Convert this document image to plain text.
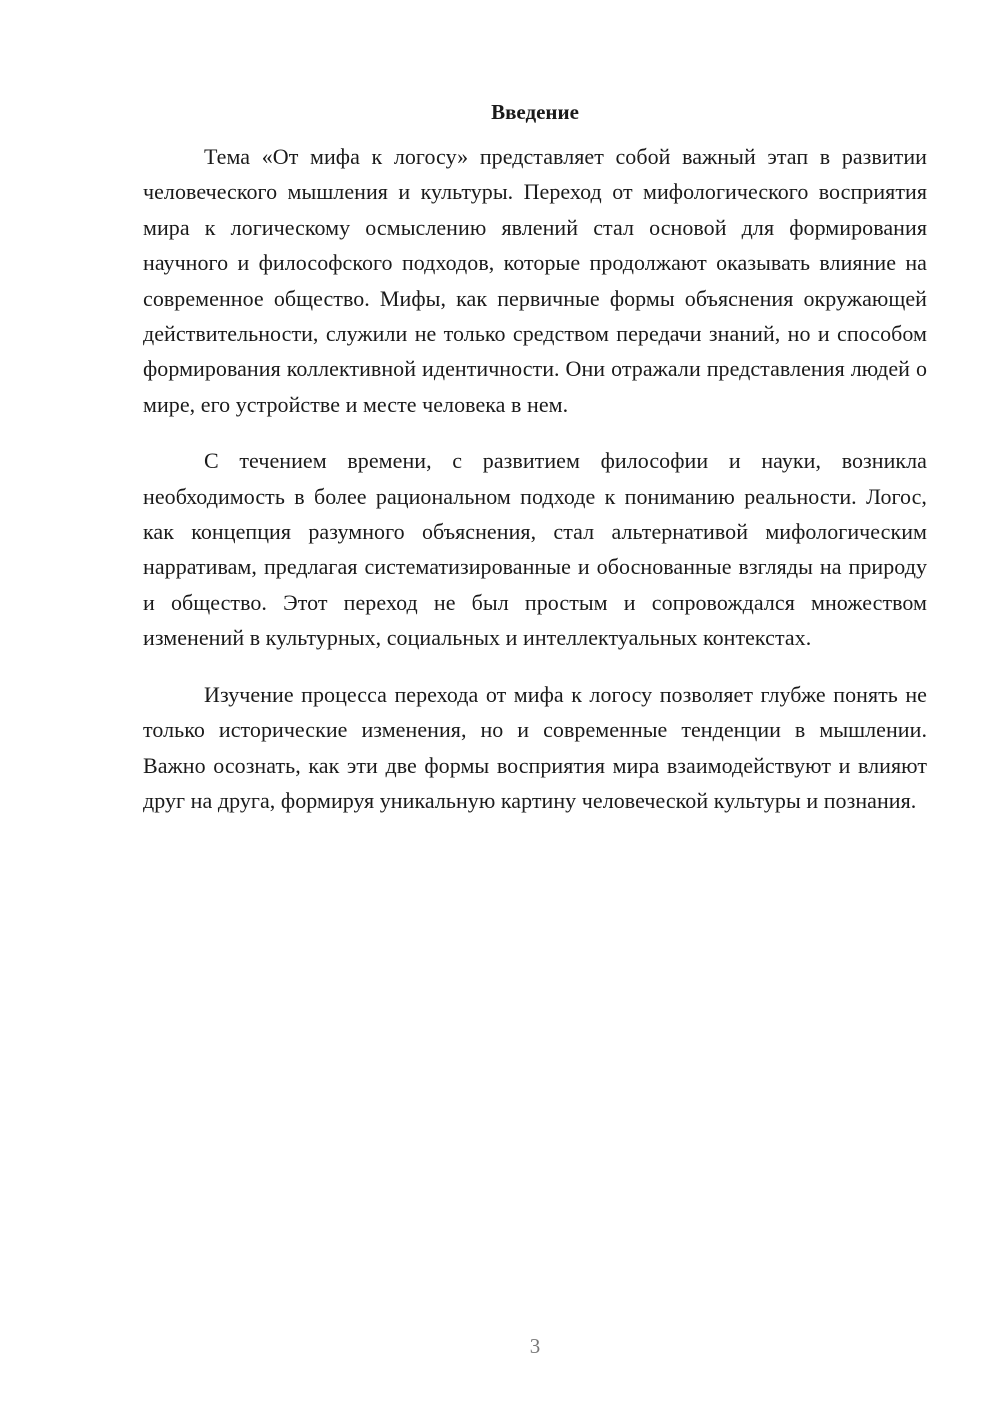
Введение

Тема «От мифа к логосу» представляет собой важный этап в развитии человеческого мышления и культуры. Переход от мифологического восприятия мира к логическому осмыслению явлений стал основой для формирования научного и философского подходов, которые продолжают оказывать влияние на современное общество. Мифы, как первичные формы объяснения окружающей действительности, служили не только средством передачи знаний, но и способом формирования коллективной идентичности. Они отражали представления людей о мире, его устройстве и месте человека в нем.

С течением времени, с развитием философии и науки, возникла необходимость в более рациональном подходе к пониманию реальности. Логос, как концепция разумного объяснения, стал альтернативой мифологическим нарративам, предлагая систематизированные и обоснованные взгляды на природу и общество. Этот переход не был простым и сопровождался множеством изменений в культурных, социальных и интеллектуальных контекстах.

Изучение процесса перехода от мифа к логосу позволяет глубже понять не только исторические изменения, но и современные тенденции в мышлении. Важно осознать, как эти две формы восприятия мира взаимодействуют и влияют друг на друга, формируя уникальную картину человеческой культуры и познания.

3
